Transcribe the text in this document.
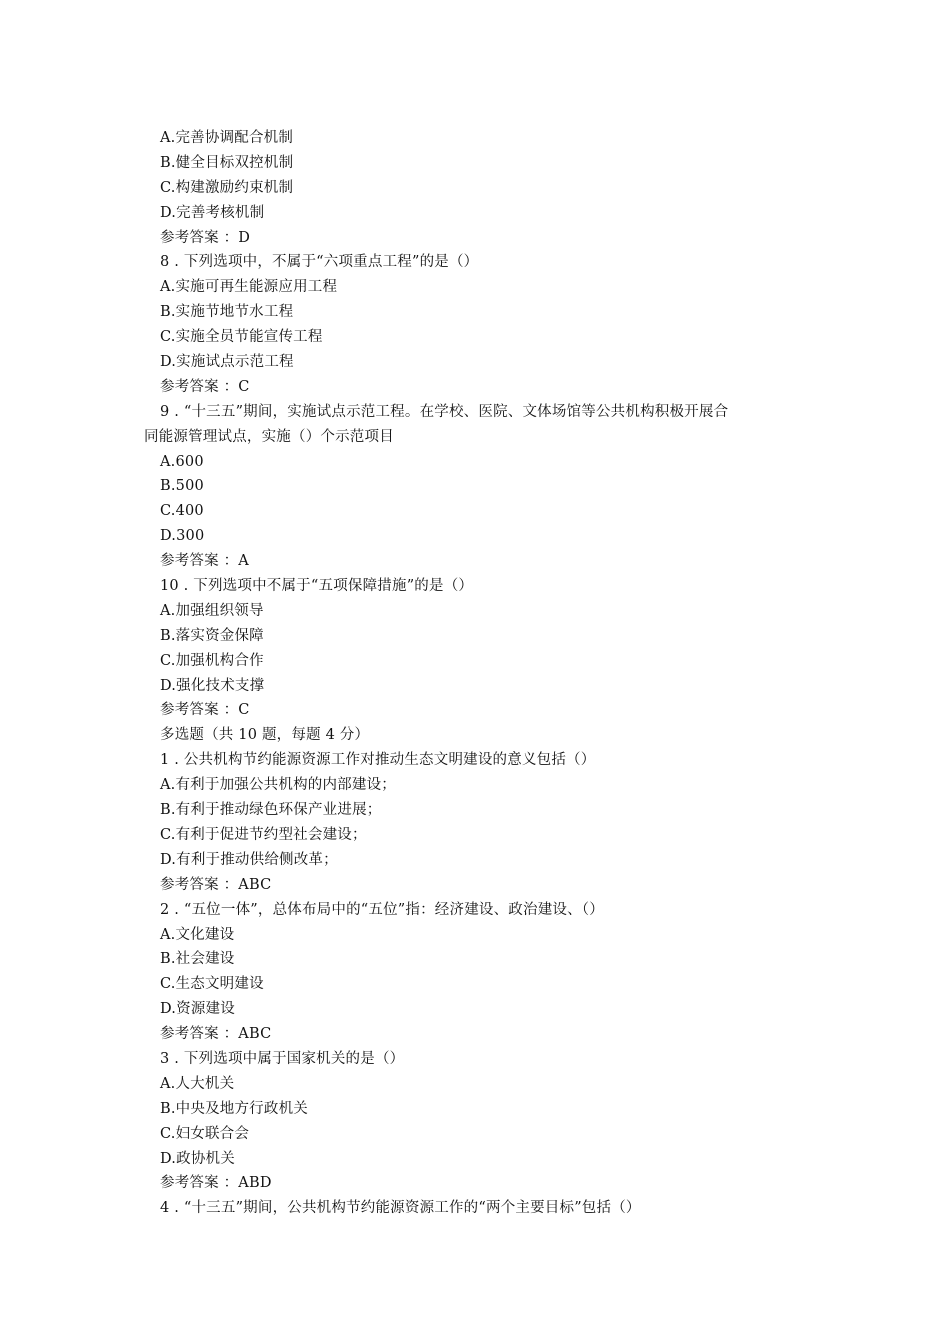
A.完善协调配合机制
B.健全目标双控机制
C.构建激励约束机制
D.完善考核机制
参考答案 ：D
8 . 下列选项中，不属于“六项重点工程”的是（）
A.实施可再生能源应用工程
B.实施节地节水工程
C.实施全员节能宣传工程
D.实施试点示范工程
参考答案 ：C
9 . “十三五”期间，实施试点示范工程。在学校、医院、文体场馆等公共机构积极开展合
同能源管理试点，实施（）个示范项目
A.600
B.500
C.400
D.300
参考答案 ：A
10 . 下列选项中不属于“五项保障措施”的是（）
A.加强组织领导
B.落实资金保障
C.加强机构合作
D.强化技术支撑
参考答案 ：C
多选题（共 10 题，每题 4 分）
1 . 公共机构节约能源资源工作对推动生态文明建设的意义包括（）
A.有利于加强公共机构的内部建设；
B.有利于推动绿色环保产业进展；
C.有利于促进节约型社会建设；
D.有利于推动供给侧改革；
参考答案 ：ABC
2 . “五位一体”，总体布局中的“五位”指：经济建设、政治建设、（）
A.文化建设
B.社会建设
C.生态文明建设
D.资源建设
参考答案 ：ABC
3 . 下列选项中属于国家机关的是（）
A.人大机关
B.中央及地方行政机关
C.妇女联合会
D.政协机关
参考答案 ：ABD
4 . “十三五”期间，公共机构节约能源资源工作的“两个主要目标”包括（）
